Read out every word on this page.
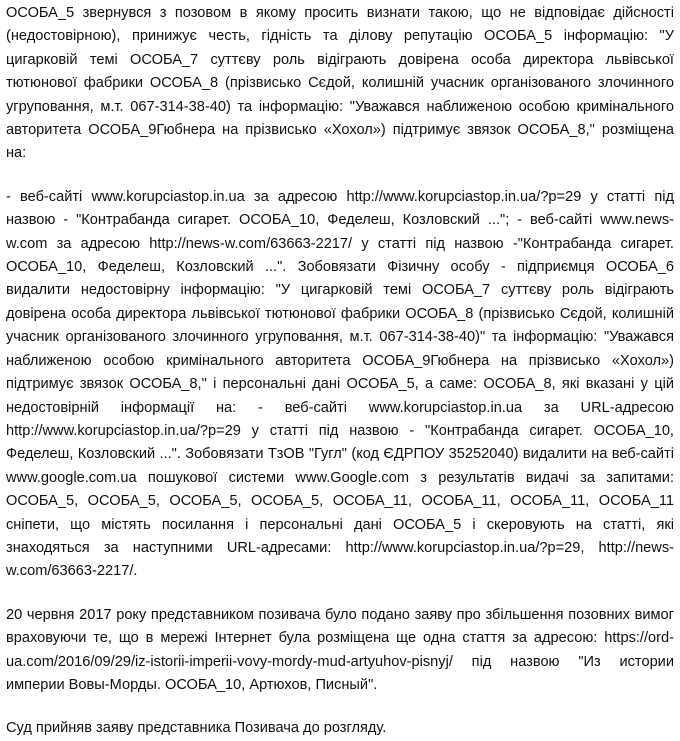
ОСОБА_5 звернувся з позовом в якому просить визнати такою, що не відповідає дійсності (недостовірною), принижує честь, гідність та ділову репутацію ОСОБА_5 інформацію: "У цигарковій темі ОСОБА_7 суттєву роль відіграють довірена особа директора львівської тютюнової фабрики ОСОБА_8 (прізвисько Сєдой, колишній учасник організованого злочинного угруповання, м.т. 067-314-38-40) та інформацію: "Уважався наближеною особою кримінального авторитета ОСОБА_9Гюбнера на прізвисько «Хохол») підтримує звязок ОСОБА_8," розміщена на:

- веб-сайті www.korupciastop.in.ua за адресою http://www.korupciastop.in.ua/?p=29 у статті під назвою - "Контрабанда сигарет. ОСОБА_10, Феделеш, Козловский ..."; - веб-сайті www.news-w.com за адресою http://news-w.com/63663-2217/ у статті під назвою -"Контрабанда сигарет. ОСОБА_10, Феделеш, Козловский ...". Зобовязати Фізичну особу - підприємця ОСОБА_6 видалити недостовірну інформацію: "У цигарковій темі ОСОБА_7 суттєву роль відіграють довірена особа директора львівської тютюнової фабрики ОСОБА_8 (прізвисько Сєдой, колишній учасник організованого злочинного угруповання, м.т. 067-314-38-40)" та інформацію: "Уважався наближеною особою кримінального авторитета ОСОБА_9Гюбнера на прізвисько «Хохол») підтримує звязок ОСОБА_8," і персональні дані ОСОБА_5, а саме: ОСОБА_8, які вказані у цій недостовірній інформації на: - веб-сайті www.korupciastop.in.ua за URL-адресою http://www.korupciastop.in.ua/?p=29 у статті під назвою - "Контрабанда сигарет. ОСОБА_10, Феделеш, Козловский ...". Зобовязати ТзОВ "Гугл" (код ЄДРПОУ 35252040) видалити на веб-сайті www.google.com.ua пошукової системи www.Google.com з результатів видачі за запитами: ОСОБА_5, ОСОБА_5, ОСОБА_5, ОСОБА_5, ОСОБА_11, ОСОБА_11, ОСОБА_11, ОСОБА_11 сніпети, що містять посилання і персональні дані ОСОБА_5 і скеровують на статті, які знаходяться за наступними URL-адресами: http://www.korupciastop.in.ua/?p=29, http://news-w.com/63663-2217/.

20 червня 2017 року представником позивача було подано заяву про збільшення позовних вимог враховуючи те, що в мережі Інтернет була розміщена ще одна стаття за адресою: https://ord-ua.com/2016/09/29/iz-istorii-imperii-vovy-mordy-mud-artyuhov-pisnyj/ під назвою "Из истории империи Вовы-Морды. ОСОБА_10, Артюхов, Писный".

Суд прийняв заяву представника Позивача до розгляду.
